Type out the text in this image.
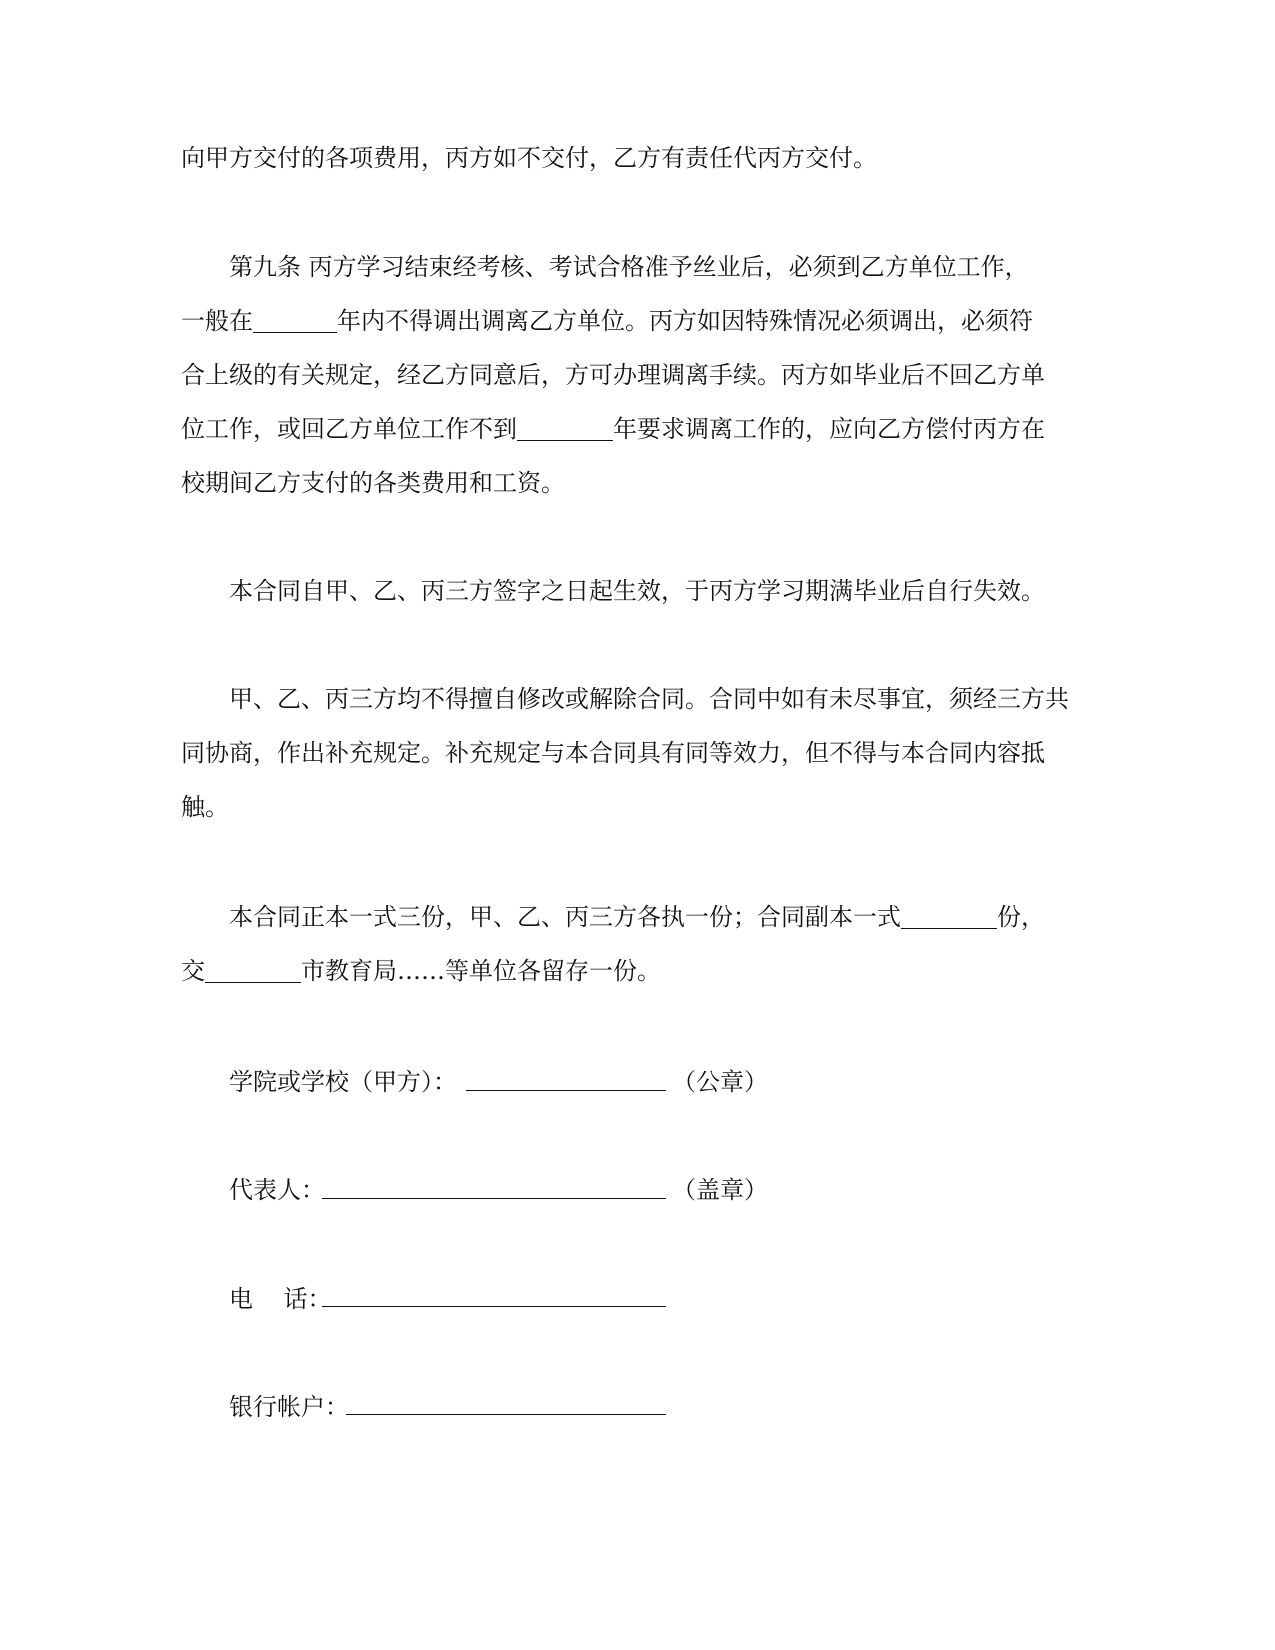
向甲方交付的各项费用，丙方如不交付，乙方有责任代丙方交付。
第九条 丙方学习结束经考核、考试合格准予丝业后，必须到乙方单位工作，
一般在	年内不得调出调离乙方单位。丙方如因特殊情况必须调出，必须符
合上级的有关规定，经乙方同意后，方可办理调离手续。丙方如毕业后不回乙方单
位工作，或回乙方单位工作不到	年要求调离工作的，应向乙方偿付丙方在
校期间乙方支付的各类费用和工资。
本合同自甲、乙、丙三方签字之日起生效，于丙方学习期满毕业后自行失效。
甲、乙、丙三方均不得擅自修改或解除合同。合同中如有未尽事宜，须经三方共
同协商，作出补充规定。补充规定与本合同具有同等效力，但不得与本合同内容抵
触。
本合同正本一式三份，甲、乙、丙三方各执一份；合同副本一式	份，
交	市教育局……等单位各留存一份。
学院或学校（甲方）：	（公章）
代表人：	（盖章）
电    话：
银行帐户：
